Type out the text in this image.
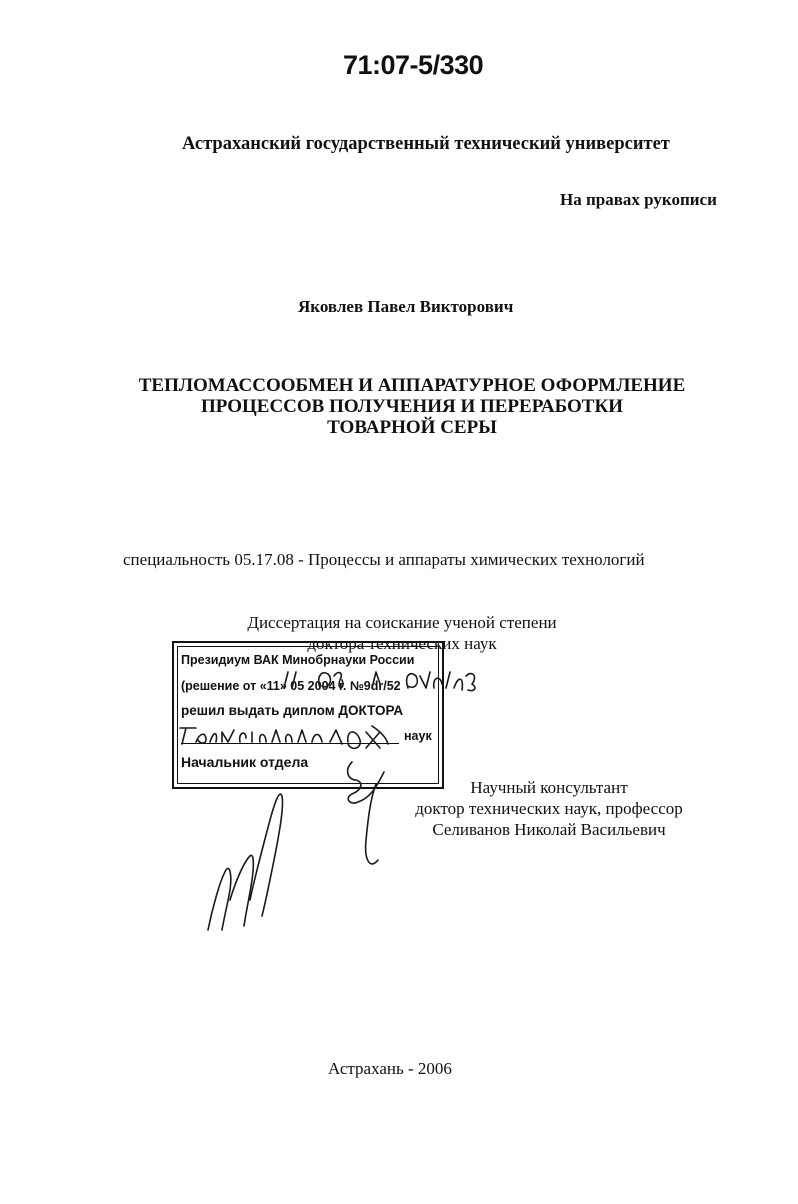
71:07-5/330
Астраханский государственный технический университет
На правах рукописи
Яковлев Павел Викторович
ТЕПЛОМАССООБМЕН И АППАРАТУРНОЕ ОФОРМЛЕНИЕ
ПРОЦЕССОВ ПОЛУЧЕНИЯ И ПЕРЕРАБОТКИ
ТОВАРНОЙ СЕРЫ
специальность 05.17.08 - Процессы и аппараты химических технологий
Диссертация на соискание ученой степени
доктора технических наук
Президиум ВАК Минобрнауки России
(решение от «11» 05 2004 г. №9dr/52
решил выдать диплом ДОКТОРА
наук
Начальник отдела
Научный консультант
доктор технических наук, профессор
Селиванов Николай Васильевич
Астрахань - 2006
